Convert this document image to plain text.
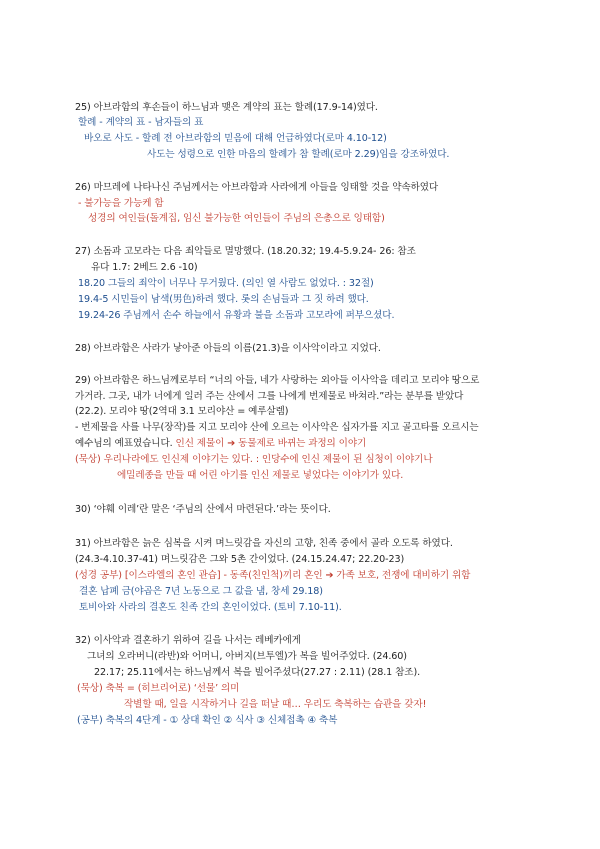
25) 아브라함의 후손들이 하느님과 맺은 계약의 표는 할례(17.9-14)였다.
할례 - 계약의 표 - 남자들의 표
바오로 사도 - 할례 전 아브라함의 믿음에 대해 언급하였다(로마 4.10-12)
사도는 성령으로 인한 마음의 할례가 참 할례(로마 2.29)임을 강조하였다.
26) 마므레에 나타나신 주님께서는 아브라함과 사라에게 아들을 잉태할 것을 약속하였다
- 불가능을 가능케 함
성경의 여인들(돌계집, 임신 불가능한 여인들이 주님의 은총으로 잉태함)
27) 소돔과 고모라는 다음 죄악들로 멸망했다. (18.20.32; 19.4-5.9.24- 26: 참조
유다 1.7: 2베드 2.6 -10)
18.20 그들의 죄악이 너무나 무거웠다. (의인 열 사람도 없었다. : 32절)
19.4-5 시민들이 남색(男色)하려 했다. 롯의 손님들과 그 짓 하려 했다.
19.24-26 주님께서 손수 하늘에서 유황과 불을 소돔과 고모라에 퍼부으셨다.
28) 아브라함은 사라가 낳아준 아들의 이름(21.3)을 이사악이라고 지었다.
29) 아브라함은 하느님께로부터 “너의 아들, 네가 사랑하는 외아들 이사악을 데리고 모리야 땅으로
가거라. 그곳, 내가 너에게 일러 주는 산에서 그를 나에게 번제물로 바쳐라.”라는 분부를 받았다
(22.2). 모리야 땅(2역대 3.1 모리야산 = 예루살렘)
- 번제물을 사를 나무(장작)를 지고 모리야 산에 오르는 이사악은 십자가를 지고 골고타를 오르시는
예수님의 예표였습니다. 인신 제물이 ➔ 동물제로 바뀌는 과정의 이야기
(묵상) 우리나라에도 인신제 이야기는 있다. : 인당수에 인신 제물이 된 심청이 이야기나
에밀레종을 만들 때 어린 아기를 인신 제물로 넣었다는 이야기가 있다.
30) ‘야훼 이레’란 말은 ‘주님의 산에서 마련된다.’라는 뜻이다.
31) 아브라함은 늙은 심복을 시켜 며느릿감을 자신의 고향, 친족 중에서 골라 오도록 하였다.
(24.3-4.10.37-41) 며느릿감은 그와 5촌 간이었다. (24.15.24.47; 22.20-23)
(성경 공부) [이스라엘의 혼인 관습] - 동족(친인척)끼리 혼인 ➔ 가족 보호, 전쟁에 대비하기 위함
결혼 납폐 금(야곱은 7년 노동으로 그 값을 냄, 창세 29.18)
토비아와 사라의 결혼도 친족 간의 혼인이었다. (토비 7.10-11).
32) 이사악과 결혼하기 위하여 길을 나서는 레베카에게
그녀의 오라버니(라반)와 어머니, 아버지(브투엘)가 복을 빌어주었다. (24.60)
22.17; 25.11에서는 하느님께서 복을 빌어주셨다(27.27 : 2.11) (28.1 참조).
(묵상) 축복 = (히브리어로) ‘선물’ 의미
작별할 때, 일을 시작하거나 길을 떠날 때… 우리도 축복하는 습관을 갖자!
(공부) 축복의 4단계 - ① 상대 확인 ② 식사 ③ 신체접촉 ④ 축복
